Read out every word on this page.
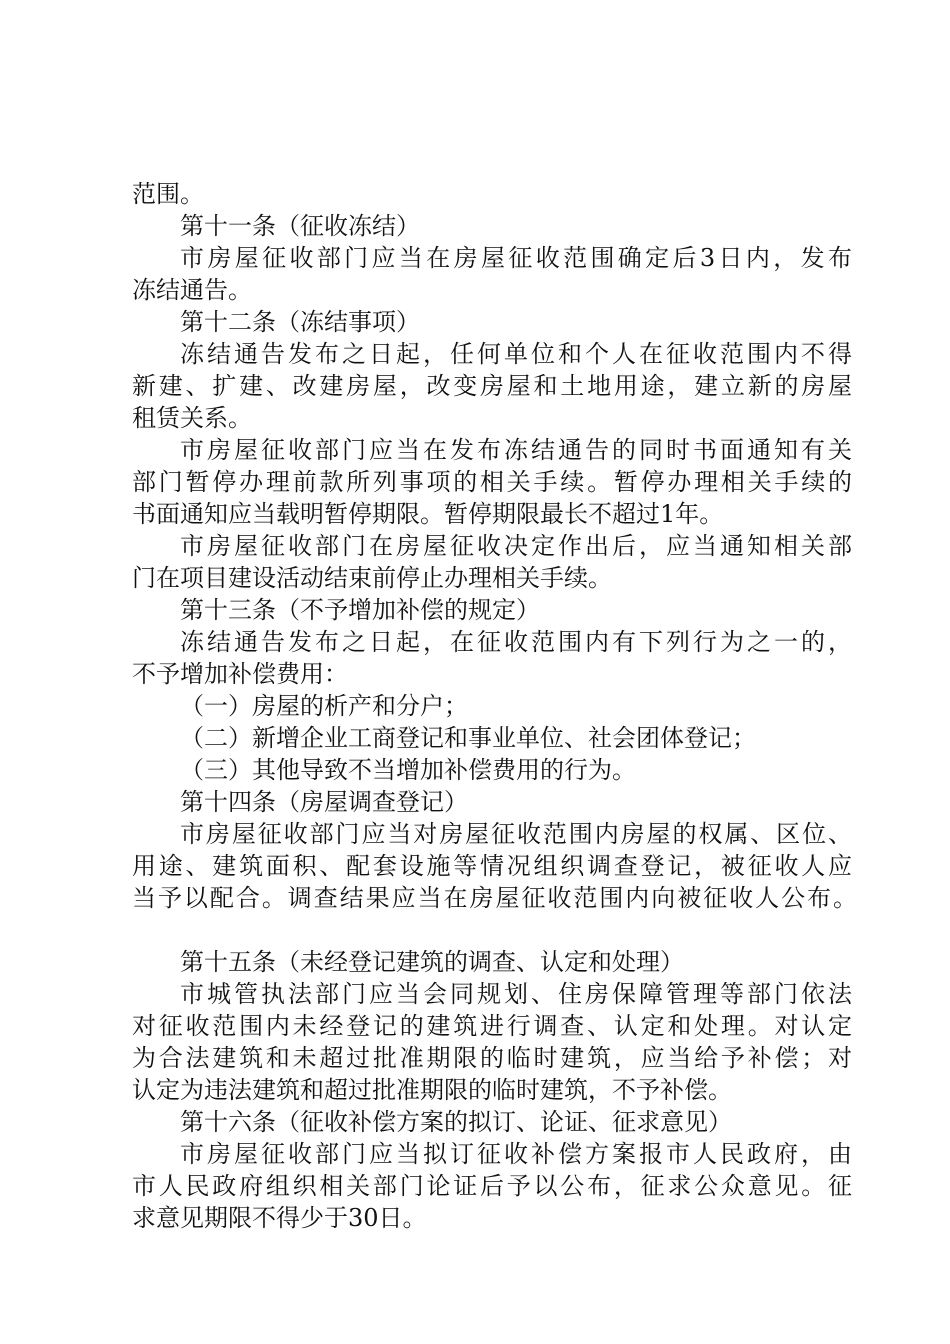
范围。
第十一条（征收冻结）
市房屋征收部门应当在房屋征收范围确定后3日内，发布
冻结通告。
第十二条（冻结事项）
冻结通告发布之日起，任何单位和个人在征收范围内不得
新建、扩建、改建房屋，改变房屋和土地用途，建立新的房屋
租赁关系。
市房屋征收部门应当在发布冻结通告的同时书面通知有关
部门暂停办理前款所列事项的相关手续。暂停办理相关手续的
书面通知应当载明暂停期限。暂停期限最长不超过1年。
市房屋征收部门在房屋征收决定作出后，应当通知相关部
门在项目建设活动结束前停止办理相关手续。
第十三条（不予增加补偿的规定）
冻结通告发布之日起，在征收范围内有下列行为之一的，
不予增加补偿费用：
（一）房屋的析产和分户；
（二）新增企业工商登记和事业单位、社会团体登记；
（三）其他导致不当增加补偿费用的行为。
第十四条（房屋调查登记）
市房屋征收部门应当对房屋征收范围内房屋的权属、区位、
用途、建筑面积、配套设施等情况组织调查登记，被征收人应
当予以配合。调查结果应当在房屋征收范围内向被征收人公布。
第十五条（未经登记建筑的调查、认定和处理）
市城管执法部门应当会同规划、住房保障管理等部门依法
对征收范围内未经登记的建筑进行调查、认定和处理。对认定
为合法建筑和未超过批准期限的临时建筑，应当给予补偿；对
认定为违法建筑和超过批准期限的临时建筑，不予补偿。
第十六条（征收补偿方案的拟订、论证、征求意见）
市房屋征收部门应当拟订征收补偿方案报市人民政府，由
市人民政府组织相关部门论证后予以公布，征求公众意见。征
求意见期限不得少于30日。
